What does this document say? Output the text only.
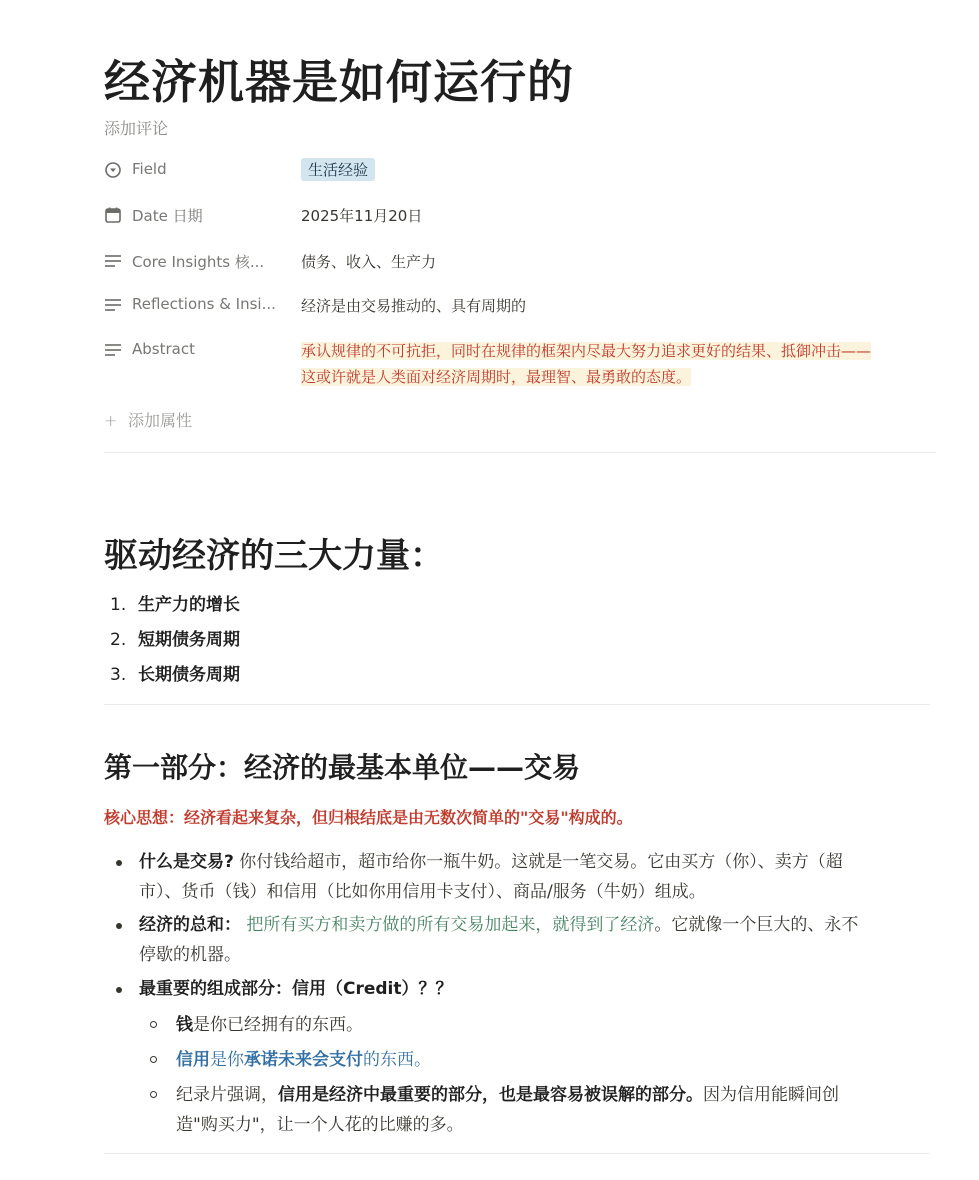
经济机器是如何运行的
添加评论
Field	生活经验
Date 日期	2025年11月20日
Core Insights 核...	债务、收入、生产力
Reflections & Insi...	经济是由交易推动的、具有周期的
Abstract	承认规律的不可抗拒，同时在规律的框架内尽最大努力追求更好的结果、抵御冲击——
这或许就是人类面对经济周期时，最理智、最勇敢的态度。
+ 添加属性
驱动经济的三大力量：
1. 生产力的增长
2. 短期债务周期
3. 长期债务周期
第一部分：经济的最基本单位——交易
核心思想：经济看起来复杂，但归根结底是由无数次简单的"交易"构成的。
什么是交易? 你付钱给超市，超市给你一瓶牛奶。这就是一笔交易。它由买方（你）、卖方（超
市）、货币（钱）和信用（比如你用信用卡支付）、商品/服务（牛奶）组成。
经济的总和： 把所有买方和卖方做的所有交易加起来，就得到了经济。它就像一个巨大的、永不
停歇的机器。
最重要的组成部分：信用（Credit）？？
钱是你已经拥有的东西。
信用是你承诺未来会支付的东西。
纪录片强调，信用是经济中最重要的部分，也是最容易被误解的部分。因为信用能瞬间创
造"购买力"，让一个人花的比赚的多。
